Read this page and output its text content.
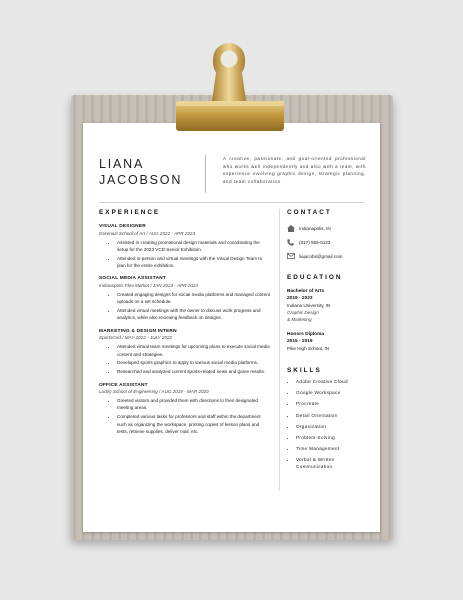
LIANA
JACOBSON
A creative, passionate, and goal-oriented professional who works well independently and also with a team, with experience involving graphic design, strategic planning, and team collaboration.
EXPERIENCE
VISUAL DESIGNER
Eskenazi School of Art / AUG 2022 - APR 2023
• Assisted in creating promotional design materials and coordinating the setup for the 2023 VCD Senior Exhibition.
• Attended in-person and virtual meetings with the Visual Design Team to plan for the entire exhibition.
SOCIAL MEDIA ASSISTANT
Indianapolis Flea Market / JAN 2023 - APR 2023
• Created engaging designs for social media platforms and managed content uploads on a set schedule.
• Attended virtual meetings with the owner to discuss work progress and analytics, while also recieving feedback on designs.
MARKETING & DESIGN INTERN
SportsGrid / MAY 2022 - JULY 2022
• Attended virtual team meetings for upcoming plans to execute social media content and strategies.
• Developed sports graphics to apply to various social media platforms.
• Researched and analyzed current sports-related news and game results.
OFFICE ASSISTANT
Luddy School of Engineering / AUG 2019 - MAR 2020
• Greeted visitors and provided them with directions to their designated meeting areas.
• Completed various tasks for professors and staff within the department such as organizing the workspace, printing copies of lesson plans and tests, retrieve supplies, deliver mail, etc.
CONTACT
Indianapolis, IN
(317) 555-0123
liajacobs@gmail.com
EDUCATION
Bachelor of Arts
2019 - 2023
Indiana University, IN
Graphic Design
& Marketing
Honors Diploma
2015 - 2019
Pike High School, IN
SKILLS
• Adobe Creative Cloud
• Google Workspace
• Procreate
• Detail Orientation
• Organization
• Problem-Solving
• Time Management
• Verbal & Written Communication
